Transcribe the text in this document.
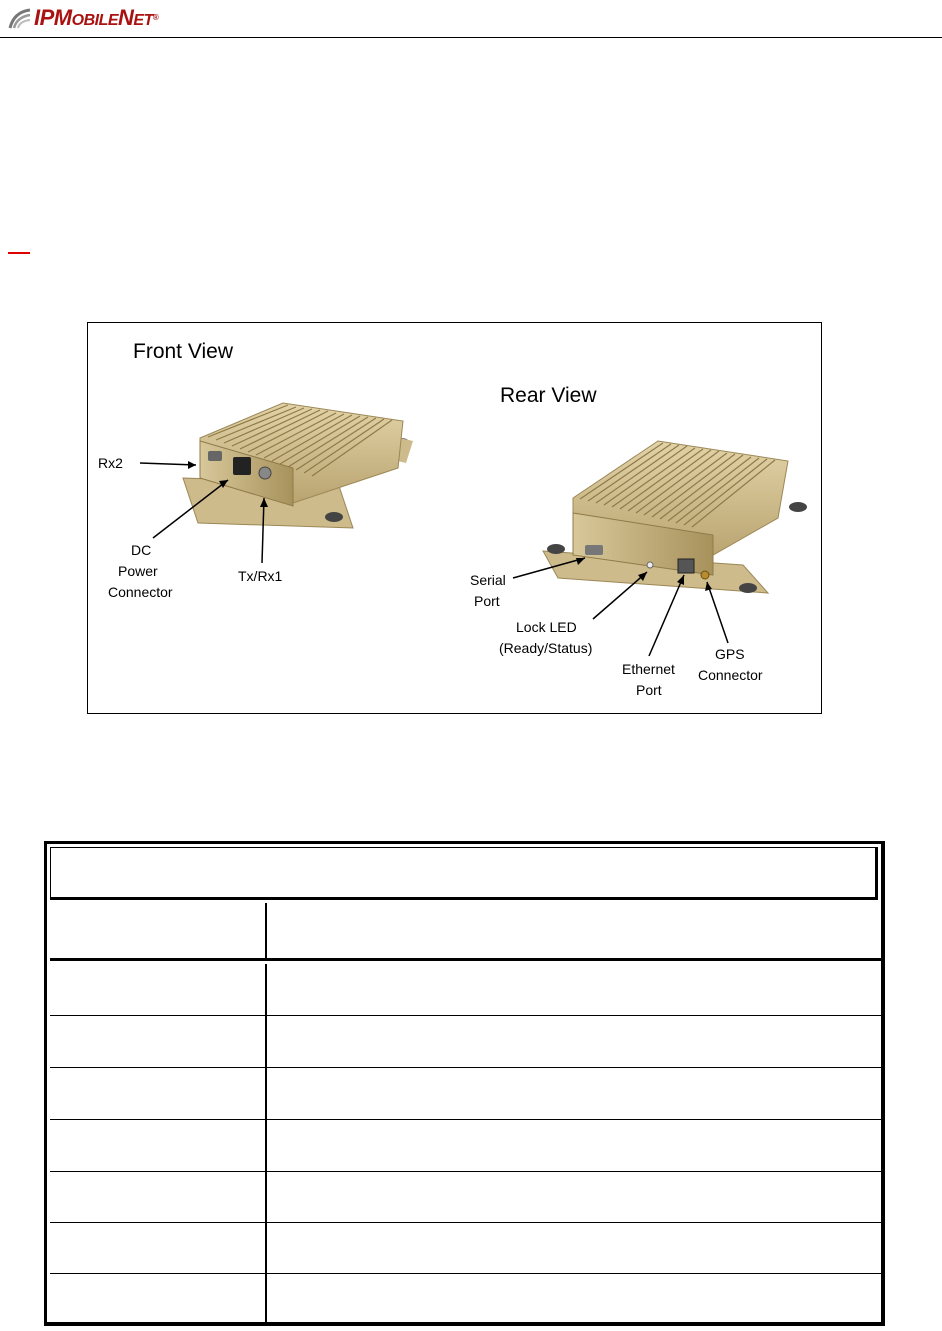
IPMOBILENET®
Front View
Rear View
Rx2
DC
Power
Connector
Tx/Rx1	Serial
Port
Lock LED
(Ready/Status)
Ethernet
Port
GPS
Connector
